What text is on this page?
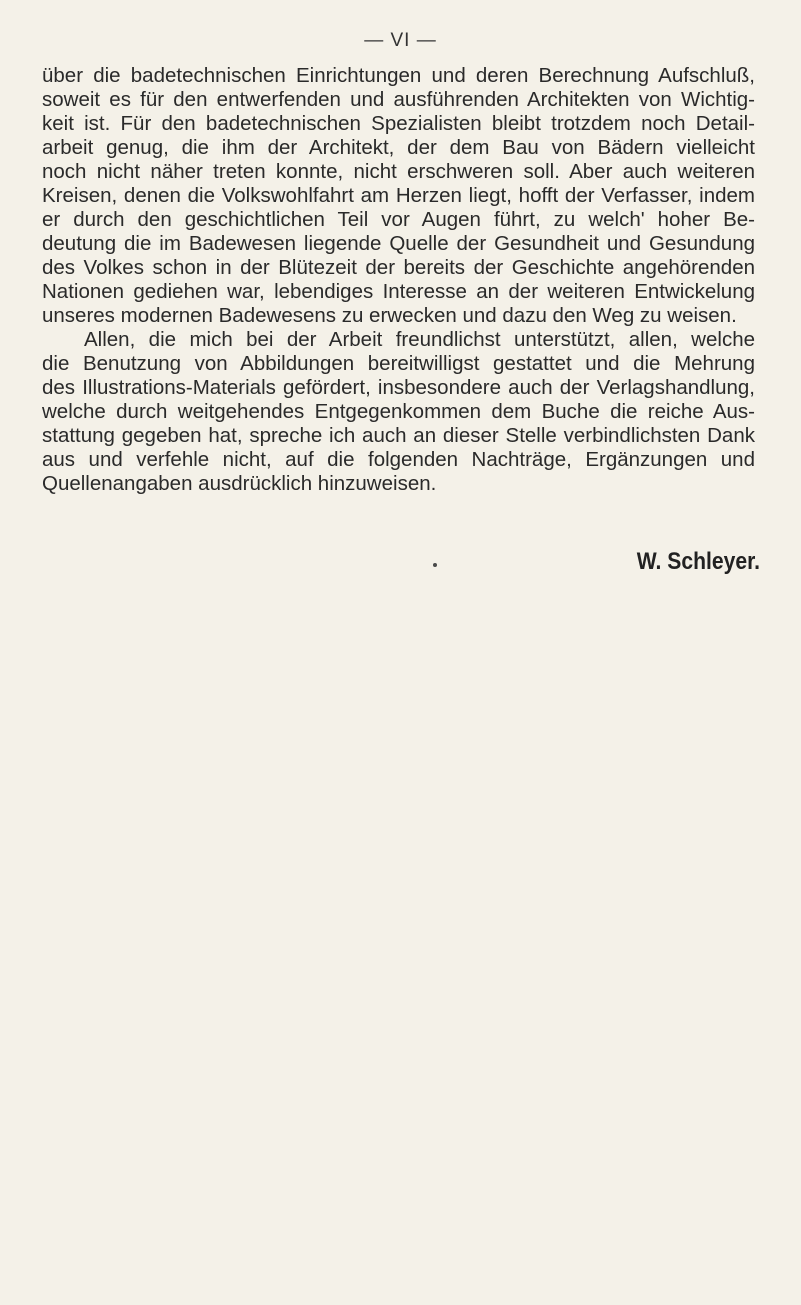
— VI —
über die badetechnischen Einrichtungen und deren Berechnung Aufschluß,
soweit es für den entwerfenden und ausführenden Architekten von Wichtig-
keit ist. Für den badetechnischen Spezialisten bleibt trotzdem noch Detail-
arbeit genug, die ihm der Architekt, der dem Bau von Bädern vielleicht
noch nicht näher treten konnte, nicht erschweren soll. Aber auch weiteren
Kreisen, denen die Volkswohlfahrt am Herzen liegt, hofft der Verfasser, indem
er durch den geschichtlichen Teil vor Augen führt, zu welch' hoher Be-
deutung die im Badewesen liegende Quelle der Gesundheit und Gesundung
des Volkes schon in der Blütezeit der bereits der Geschichte angehörenden
Nationen gediehen war, lebendiges Interesse an der weiteren Entwickelung
unseres modernen Badewesens zu erwecken und dazu den Weg zu weisen.
Allen, die mich bei der Arbeit freundlichst unterstützt, allen, welche
die Benutzung von Abbildungen bereitwilligst gestattet und die Mehrung
des Illustrations-Materials gefördert, insbesondere auch der Verlagshandlung,
welche durch weitgehendes Entgegenkommen dem Buche die reiche Aus-
stattung gegeben hat, spreche ich auch an dieser Stelle verbindlichsten Dank
aus und verfehle nicht, auf die folgenden Nachträge, Ergänzungen und
Quellenangaben ausdrücklich hinzuweisen.
W. Schleyer.
